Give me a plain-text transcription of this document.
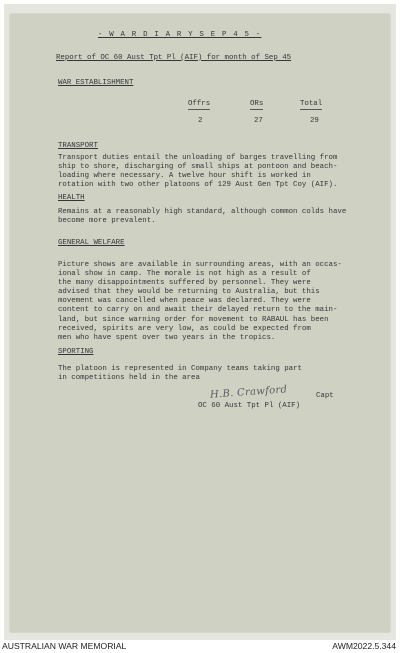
- W A R D I A R Y S E P 4 5 -
Report of OC 60 Aust Tpt Pl (AIF) for month of Sep 45
WAR ESTABLISHMENT
Offrs	ORs	Total
2	27	29
TRANSPORT
Transport duties entail the unloading of barges travelling from
ship to shore, discharging of small ships at pontoon and beach-
loading where necessary. A twelve hour shift is worked in
rotation with two other platoons of 129 Aust Gen Tpt Coy (AIF).
HEALTH
Remains at a reasonably high standard, although common colds have
become more prevalent.
GENERAL WELFARE
Picture shows are available in surrounding areas, with an occas-
ional show in camp. The morale is not high as a result of
the many disappointments suffered by personnel. They were
advised that they would be returning to Australia, but this
movement was cancelled when peace was declared. They were
content to carry on and await their delayed return to the main-
land, but since warning order for movement to RABAUL has been
received, spirits are very low, as could be expected from
men who have spent over two years in the tropics.
SPORTING
The platoon is represented in Company teams taking part
in competitions held in the area
H.B. Crawford	Capt
OC 60 Aust Tpt Pl (AIF)
AUSTRALIAN WAR MEMORIAL	AWM2022.5.344
